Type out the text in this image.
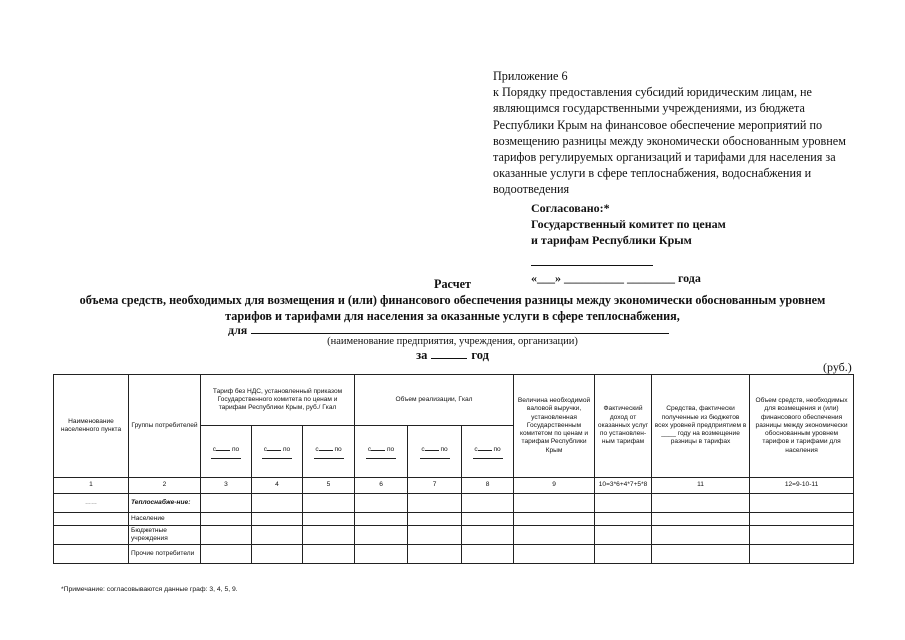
Приложение 6
к Порядку предоставления субсидий юридическим лицам, не являющимся государственными учреждениями, из бюджета Республики Крым на финансовое обеспечение мероприятий по возмещению разницы между экономически обоснованным уровнем тарифов регулируемых организаций и тарифами для населения за оказанные услуги в сфере теплоснабжения, водоснабжения и водоотведения
Согласовано:*
Государственный комитет по ценам
и тарифам Республики Крым
«___» __________ ________ года
Расчет
объема средств, необходимых для возмещения и (или) финансового обеспечения разницы между экономически обоснованным уровнем
тарифов и тарифами для населения за оказанные услуги в сфере теплоснабжения,
для
(наименование предприятия, учреждения, организации)
за	год
(руб.)
Наименование населенного пункта	Группы потребителей	Тариф без НДС, установленный приказом Государственного комитета по ценам и тарифам Республики Крым, руб./ Гкал			Объем реализации, Гкал			Величина необходимой валовой выручки, установленная Государственным комитетом по ценам и тарифам Республики Крым	Фактический доход от оказанных услуг по установлен-ным тарифам	Средства, фактически полученные из бюджетов всех уровней предприятием в ____ году на возмещение разницы в тарифах	Объем средств, необходимых для возмещения и (или) финансового обеспечения разницы между экономически обоснованным уровнем тарифов и тарифами для населения
		с по	с по	с по	с по	с по	с по				

1	2	3	4	5	6	7	8	9	10=3*6+4*7+5*8	11	12=9-10-11
……	Теплоснабже-ние:										
	Население										
	Бюджетные учреждения										
	Прочие потребители										
*Примечание: согласовываются данные граф: 3, 4, 5, 9.
